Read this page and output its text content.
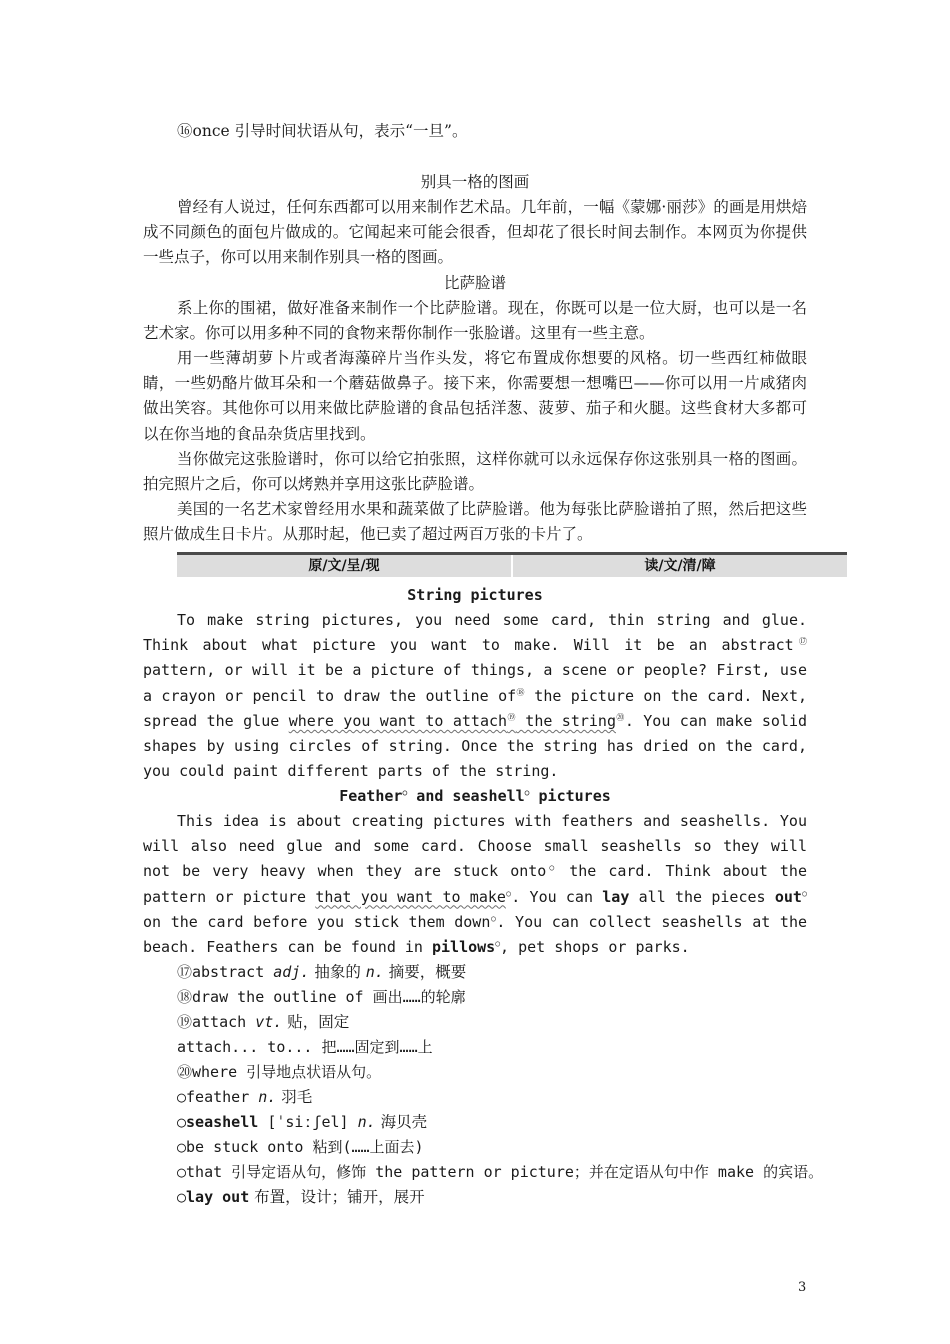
⑯once 引导时间状语从句，表示“一旦”。
别具一格的图画
曾经有人说过，任何东西都可以用来制作艺术品。几年前，一幅《蒙娜·丽莎》的画是用烘焙成不同颜色的面包片做成的。它闻起来可能会很香，但却花了很长时间去制作。本网页为你提供一些点子，你可以用来制作别具一格的图画。
比萨脸谱
系上你的围裙，做好准备来制作一个比萨脸谱。现在，你既可以是一位大厨，也可以是一名艺术家。你可以用多种不同的食物来帮你制作一张脸谱。这里有一些主意。
用一些薄胡萝卜片或者海藻碎片当作头发，将它布置成你想要的风格。切一些西红柿做眼睛，一些奶酪片做耳朵和一个蘑菇做鼻子。接下来，你需要想一想嘴巴——你可以用一片咸猪肉做出笑容。其他你可以用来做比萨脸谱的食品包括洋葱、菠萝、茄子和火腿。这些食材大多都可以在你当地的食品杂货店里找到。
当你做完这张脸谱时，你可以给它拍张照，这样你就可以永远保存你这张别具一格的图画。拍完照片之后，你可以烤熟并享用这张比萨脸谱。
美国的一名艺术家曾经用水果和蔬菜做了比萨脸谱。他为每张比萨脸谱拍了照，然后把这些照片做成生日卡片。从那时起，他已卖了超过两百万张的卡片了。
原/文/呈/现	读/文/清/障
String pictures
To make string pictures, you need some card, thin string and glue. Think about what picture you want to make. Will it be an abstract⑰ pattern, or will it be a picture of things, a scene or people? First, use a crayon or pencil to draw the outline of⑱ the picture on the card. Next, spread the glue where you want to attach⑲ the string⑳. You can make solid shapes by using circles of string. Once the string has dried on the card, you could paint different parts of the string.
Feather○ and seashell○ pictures
This idea is about creating pictures with feathers and seashells. You will also need glue and some card. Choose small seashells so they will not be very heavy when they are stuck onto○ the card. Think about the pattern or picture that you want to make○. You can lay all the pieces out○ on the card before you stick them down○. You can collect seashells at the beach. Feathers can be found in pillows○, pet shops or parks.
⑰abstract adj. 抽象的 n. 摘要，概要
⑱draw the outline of 画出……的轮廓
⑲attach vt. 贴，固定
attach... to... 把……固定到……上
⑳where 引导地点状语从句。
○feather n. 羽毛
○seashell [ˈsiːʃel] n. 海贝壳
○be stuck onto 粘到(……上面去)
○that 引导定语从句，修饰 the pattern or picture；并在定语从句中作 make 的宾语。
○lay out 布置，设计；铺开，展开
3
